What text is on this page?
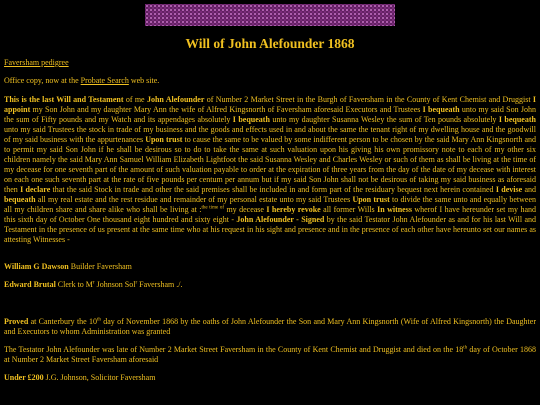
Will of John Alefounder 1868
Faversham pedigree

Office copy, now at the Probate Search web site.

This is the last Will and Testament of me John Alefounder of Number 2 Market Street in the Burgh of Faversham in the County of Kent Chemist and Druggist I appoint my Son John and my daughter Mary Ann the wife of Alfred Kingsnorth of Faversham aforesaid Executors and Trustees I bequeath unto my said Son John the sum of Fifty pounds and my Watch and its appendages absolutely I bequeath unto my daughter Susanna Wesley the sum of Ten pounds absolutely I bequeath unto my said Trustees the stock in trade of my business and the goods and effects used in and about the same the tenant right of my dwelling house and the goodwill of my said business with the appurtenances Upon trust to cause the same to be valued by some indifferent person to be chosen by the said Mary Ann Kingsnorth and to permit my said Son John if he shall be desirous so to do to take the same at such valuation upon his giving his own promissory note to each of my other six children namely the said Mary Ann Samuel William Elizabeth Lightfoot the said Susanna Wesley and Charles Wesley or such of them as shall be living at the time of my decease for one seventh part of the amount of such valuation payable to order at the expiration of three years from the day of the date of my decease with interest on each one such seventh part at the rate of five pounds per centum per annum but if my said Son John shall not be desirous of taking my said business as aforesaid then I declare that the said Stock in trade and other the said premises shall be included in and form part of the residuary bequest next herein contained I devise and bequeath all my real estate and the rest residue and remainder of my personal estate unto my said Trustees Upon trust to divide the same unto and equally between all my children share and share alike who shall be living at :$^{the time of}$ my decease I hereby revoke all former Wills In witness wherof I have hereunder set my hand this sixth day of October One thousand eight hundred and sixty eight - John Alefounder - Signed by the said Testator John Alefounder as and for his last Will and Testament in the presence of us present at the same time who at his request in his sight and presence and in the presence of each other have hereunto set our names as attesting Witnesses -

William G Dawson Builder Faversham

Edward Brutal Clerk to $M^r$ Johnson Sol$^r$ Faversham ./.

Proved at Canterbury the 10th day of November 1868 by the oaths of John Alefounder the Son and Mary Ann Kingsnorth (Wife of Alfred Kingsnorth) the Daughter and Executors to whom Administration was granted

The Testator John Alefounder was late of Number 2 Market Street Faversham in the County of Kent Chemist and Druggist and died on the 18th day of October 1868 at Number 2 Market Street Faversham aforesaid

Under £200 J.G. Johnson, Solicitor Faversham
